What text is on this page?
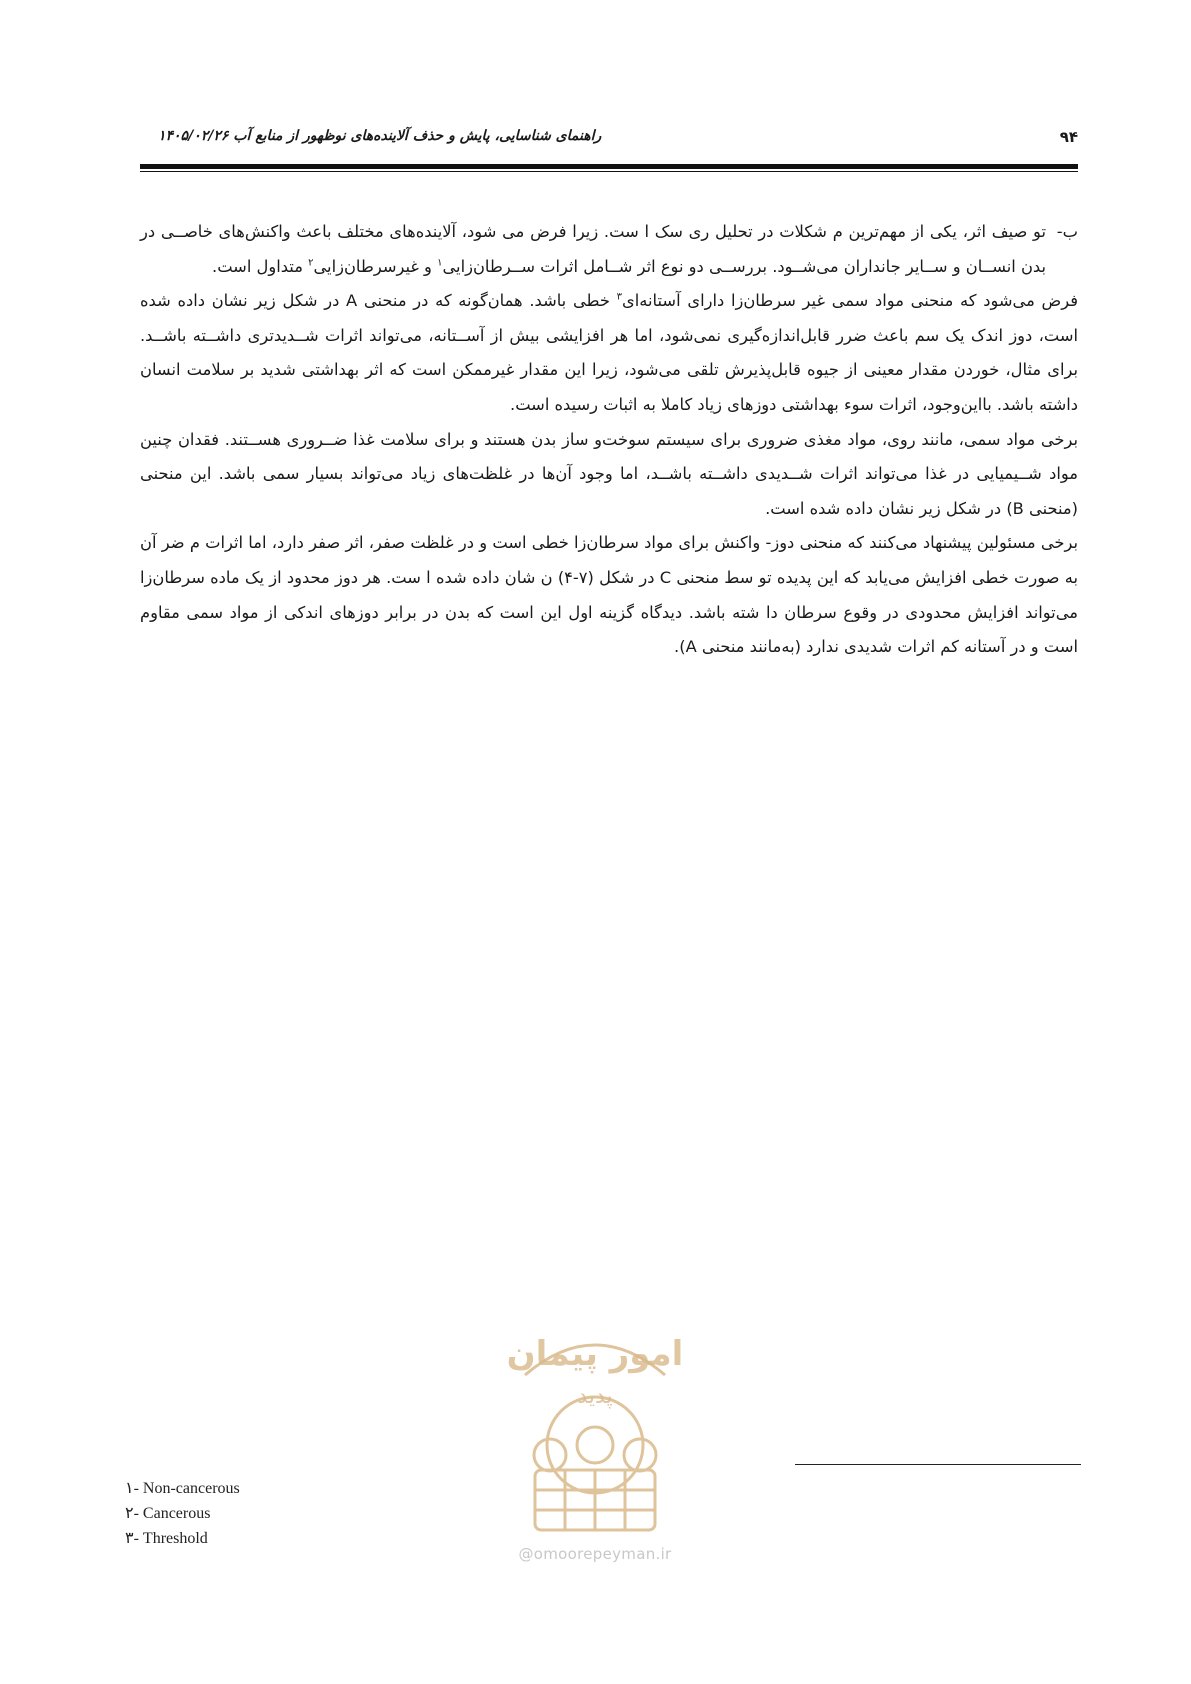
۹۴
راهنمای شناسایی، پایش و حذف آلاینده‌های نوظهور از منابع آب ۱۴۰۵/۰۲/۲۶
ب-

تو صیف اثر، یکی از مهم‌ترین م شکلات در تحلیل ری سک ا ست. زیرا فرض می شود، آلاینده‌های مختلف باعث واکنش‌های خاصــی در بدن انســان و ســایر جانداران می‌شــود. بررســی دو نوع اثر شــامل اثرات ســرطان‌زایی$^۱$ و غیرسرطان‌زایی$^۲$ متداول است.

فرض می‌شود که منحنی مواد سمی غیر سرطان‌زا دارای آستانه‌ای$^۳$ خطی باشد. همان‌گونه که در منحنی A در شکل زیر نشان داده شده است، دوز اندک یک سم باعث ضرر قابل‌اندازه‌گیری نمی‌شود، اما هر افزایشی بیش از آســتانه، می‌تواند اثرات شــدیدتری داشــته باشــد. برای مثال، خوردن مقدار معینی از جیوه قابل‌پذیرش تلقی می‌شود، زیرا این مقدار غیرممکن است که اثر بهداشتی شدید بر سلامت انسان داشته باشد. بااین‌وجود، اثرات سوء بهداشتی دوزهای زیاد کاملا به اثبات رسیده است.

برخی مواد سمی، مانند روی، مواد مغذی ضروری برای سیستم سوخت‌و ساز بدن هستند و برای سلامت غذا ضــروری هســتند. فقدان چنین مواد شــیمیایی در غذا می‌تواند اثرات شــدیدی داشــته باشــد، اما وجود آن‌ها در غلظت‌های زیاد می‌تواند بسیار سمی باشد. این منحنی (منحنی B) در شکل زیر نشان داده شده است.

برخی مسئولین پیشنهاد می‌کنند که منحنی دوز- واکنش برای مواد سرطان‌زا خطی است و در غلظت صفر، اثر صفر دارد، اما اثرات م ضر آن به صورت خطی افزایش می‌یابد که این پدیده تو سط منحنی C در شکل (۷-۴) ن شان داده شده ا ست. هر دوز محدود از یک ماده سرطان‌زا می‌تواند افزایش محدودی در وقوع سرطان دا شته باشد. دیدگاه گزینه اول این است که بدن در برابر دوزهای اندکی از مواد سمی مقاوم است و در آستانه کم اثرات شدیدی ندارد (به‌مانند منحنی A).

امور پیمان
پدید
@omoorepeyman.ir
۱- Non-cancerous
۲- Cancerous
۳- Threshold
